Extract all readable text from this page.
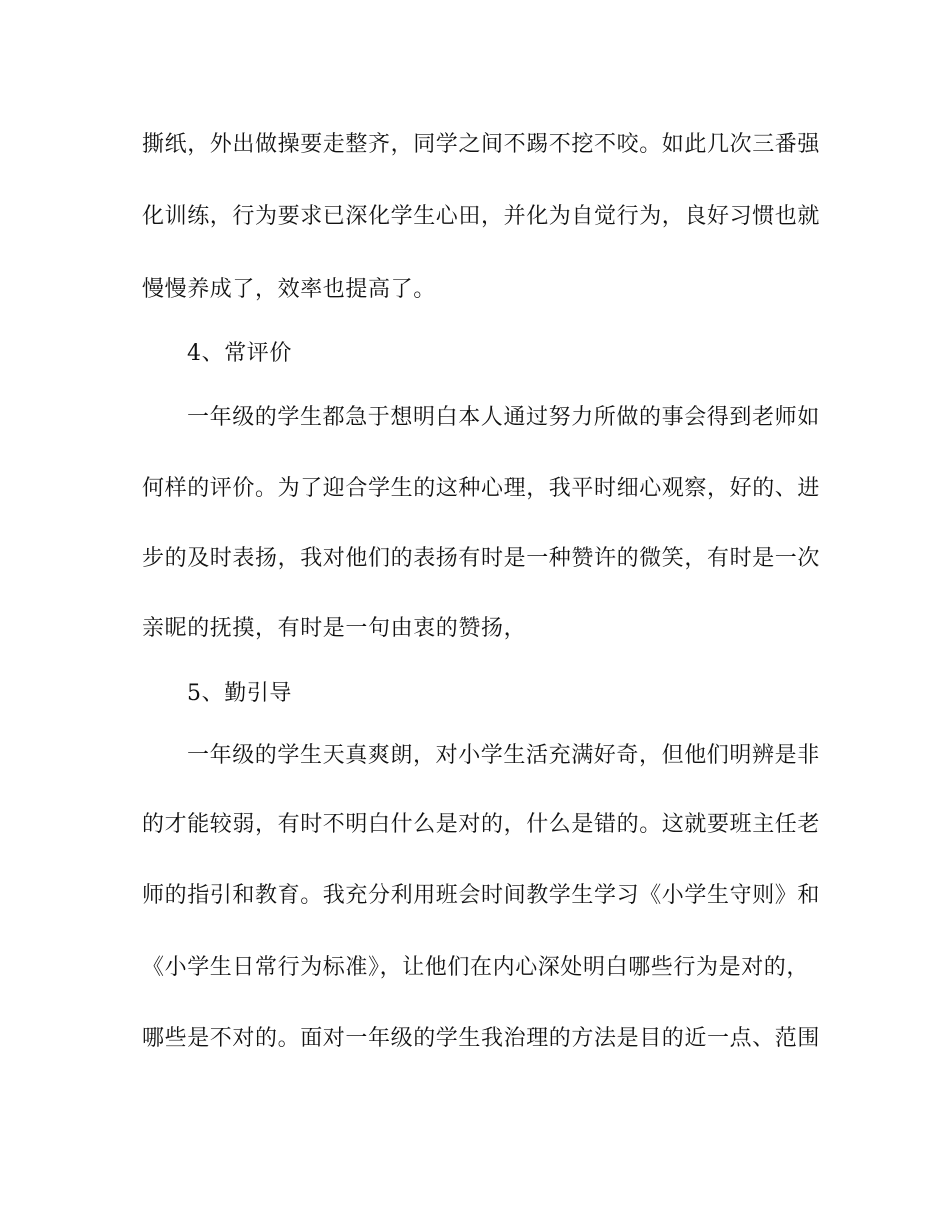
撕纸，外出做操要走整齐，同学之间不踢不挖不咬。如此几次三番强
化训练，行为要求已深化学生心田，并化为自觉行为，良好习惯也就
慢慢养成了，效率也提高了。
4、常评价
一年级的学生都急于想明白本人通过努力所做的事会得到老师如
何样的评价。为了迎合学生的这种心理，我平时细心观察，好的、进
步的及时表扬，我对他们的表扬有时是一种赞许的微笑，有时是一次
亲昵的抚摸，有时是一句由衷的赞扬，
5、勤引导
一年级的学生天真爽朗，对小学生活充满好奇，但他们明辨是非
的才能较弱，有时不明白什么是对的，什么是错的。这就要班主任老
师的指引和教育。我充分利用班会时间教学生学习《小学生守则》和
《小学生日常行为标准》，让他们在内心深处明白哪些行为是对的，
哪些是不对的。面对一年级的学生我治理的方法是目的近一点、范围
